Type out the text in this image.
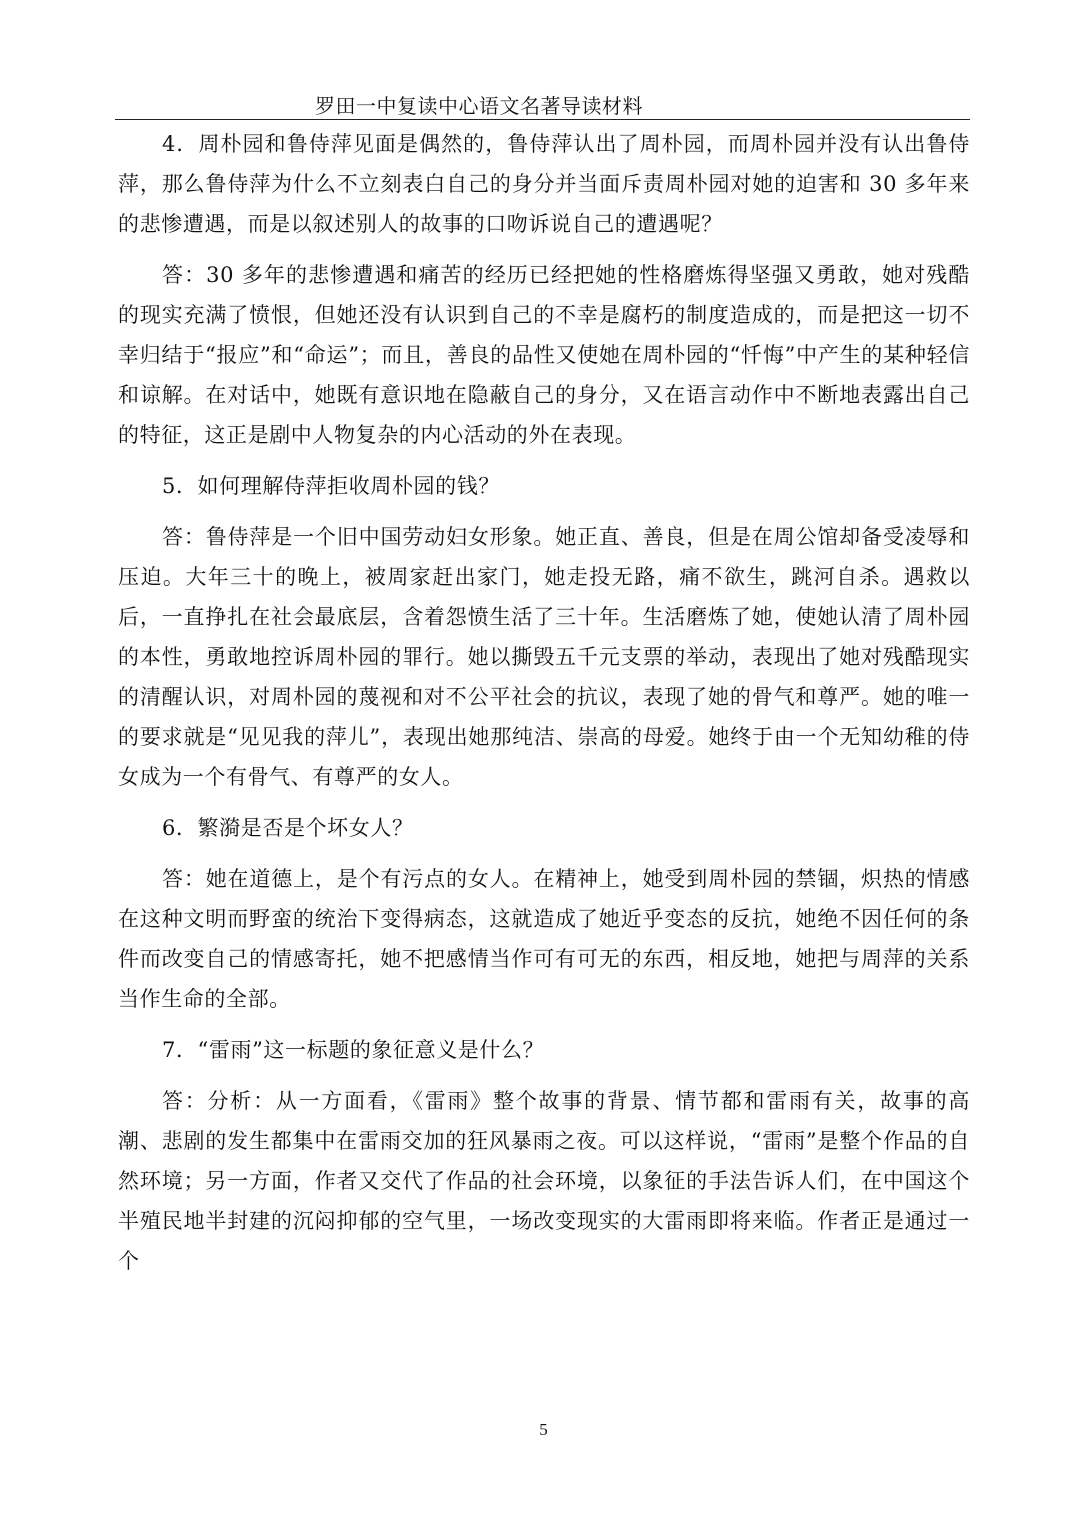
罗田一中复读中心语文名著导读材料

4．周朴园和鲁侍萍见面是偶然的，鲁侍萍认出了周朴园，而周朴园并没有认出鲁侍萍，那么鲁侍萍为什么不立刻表白自己的身分并当面斥责周朴园对她的迫害和 30 多年来的悲惨遭遇，而是以叙述别人的故事的口吻诉说自己的遭遇呢？

答：30 多年的悲惨遭遇和痛苦的经历已经把她的性格磨炼得坚强又勇敢，她对残酷的现实充满了愤恨，但她还没有认识到自己的不幸是腐朽的制度造成的，而是把这一切不幸归结于“报应”和“命运”；而且，善良的品性又使她在周朴园的“忏悔”中产生的某种轻信和谅解。在对话中，她既有意识地在隐蔽自己的身分，又在语言动作中不断地表露出自己的特征，这正是剧中人物复杂的内心活动的外在表现。

5．如何理解侍萍拒收周朴园的钱？

答：鲁侍萍是一个旧中国劳动妇女形象。她正直、善良，但是在周公馆却备受凌辱和压迫。大年三十的晚上，被周家赶出家门，她走投无路，痛不欲生，跳河自杀。遇救以后，一直挣扎在社会最底层，含着怨愤生活了三十年。生活磨炼了她，使她认清了周朴园的本性，勇敢地控诉周朴园的罪行。她以撕毁五千元支票的举动，表现出了她对残酷现实的清醒认识，对周朴园的蔑视和对不公平社会的抗议，表现了她的骨气和尊严。她的唯一的要求就是“见见我的萍儿”，表现出她那纯洁、崇高的母爱。她终于由一个无知幼稚的侍女成为一个有骨气、有尊严的女人。

6．繁漪是否是个坏女人？

答：她在道德上，是个有污点的女人。在精神上，她受到周朴园的禁锢，炽热的情感在这种文明而野蛮的统治下变得病态，这就造成了她近乎变态的反抗，她绝不因任何的条件而改变自己的情感寄托，她不把感情当作可有可无的东西，相反地，她把与周萍的关系当作生命的全部。

7．“雷雨”这一标题的象征意义是什么？

答：分析：从一方面看，《雷雨》整个故事的背景、情节都和雷雨有关，故事的高潮、悲剧的发生都集中在雷雨交加的狂风暴雨之夜。可以这样说，“雷雨”是整个作品的自然环境；另一方面，作者又交代了作品的社会环境，以象征的手法告诉人们，在中国这个半殖民地半封建的沉闷抑郁的空气里，一场改变现实的大雷雨即将来临。作者正是通过一个

5
